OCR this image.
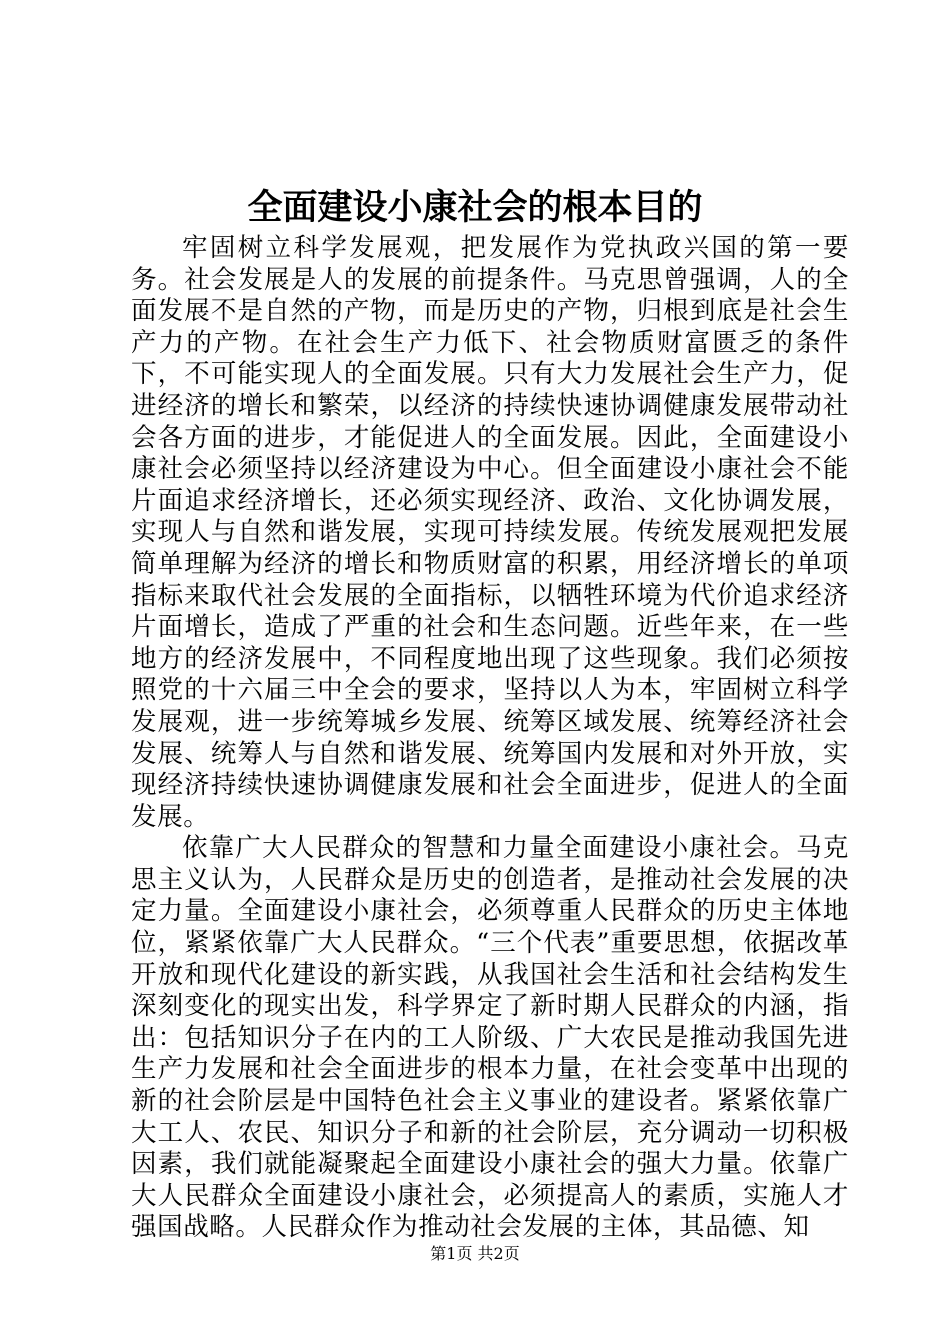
全面建设小康社会的根本目的

牢固树立科学发展观，把发展作为党执政兴国的第一要务。社会发展是人的发展的前提条件。马克思曾强调，人的全面发展不是自然的产物，而是历史的产物，归根到底是社会生产力的产物。在社会生产力低下、社会物质财富匮乏的条件下，不可能实现人的全面发展。只有大力发展社会生产力，促进经济的增长和繁荣，以经济的持续快速协调健康发展带动社会各方面的进步，才能促进人的全面发展。因此，全面建设小康社会必须坚持以经济建设为中心。但全面建设小康社会不能片面追求经济增长，还必须实现经济、政治、文化协调发展，实现人与自然和谐发展，实现可持续发展。传统发展观把发展简单理解为经济的增长和物质财富的积累，用经济增长的单项指标来取代社会发展的全面指标，以牺牲环境为代价追求经济片面增长，造成了严重的社会和生态问题。近些年来，在一些地方的经济发展中，不同程度地出现了这些现象。我们必须按照党的十六届三中全会的要求，坚持以人为本，牢固树立科学发展观，进一步统筹城乡发展、统筹区域发展、统筹经济社会发展、统筹人与自然和谐发展、统筹国内发展和对外开放，实现经济持续快速协调健康发展和社会全面进步，促进人的全面发展。

依靠广大人民群众的智慧和力量全面建设小康社会。马克思主义认为，人民群众是历史的创造者，是推动社会发展的决定力量。全面建设小康社会，必须尊重人民群众的历史主体地位，紧紧依靠广大人民群众。“三个代表”重要思想，依据改革开放和现代化建设的新实践，从我国社会生活和社会结构发生深刻变化的现实出发，科学界定了新时期人民群众的内涵，指出：包括知识分子在内的工人阶级、广大农民是推动我国先进生产力发展和社会全面进步的根本力量，在社会变革中出现的新的社会阶层是中国特色社会主义事业的建设者。紧紧依靠广大工人、农民、知识分子和新的社会阶层，充分调动一切积极因素，我们就能凝聚起全面建设小康社会的强大力量。依靠广大人民群众全面建设小康社会，必须提高人的素质，实施人才强国战略。人民群众作为推动社会发展的主体，其品德、知

第1页 共2页
